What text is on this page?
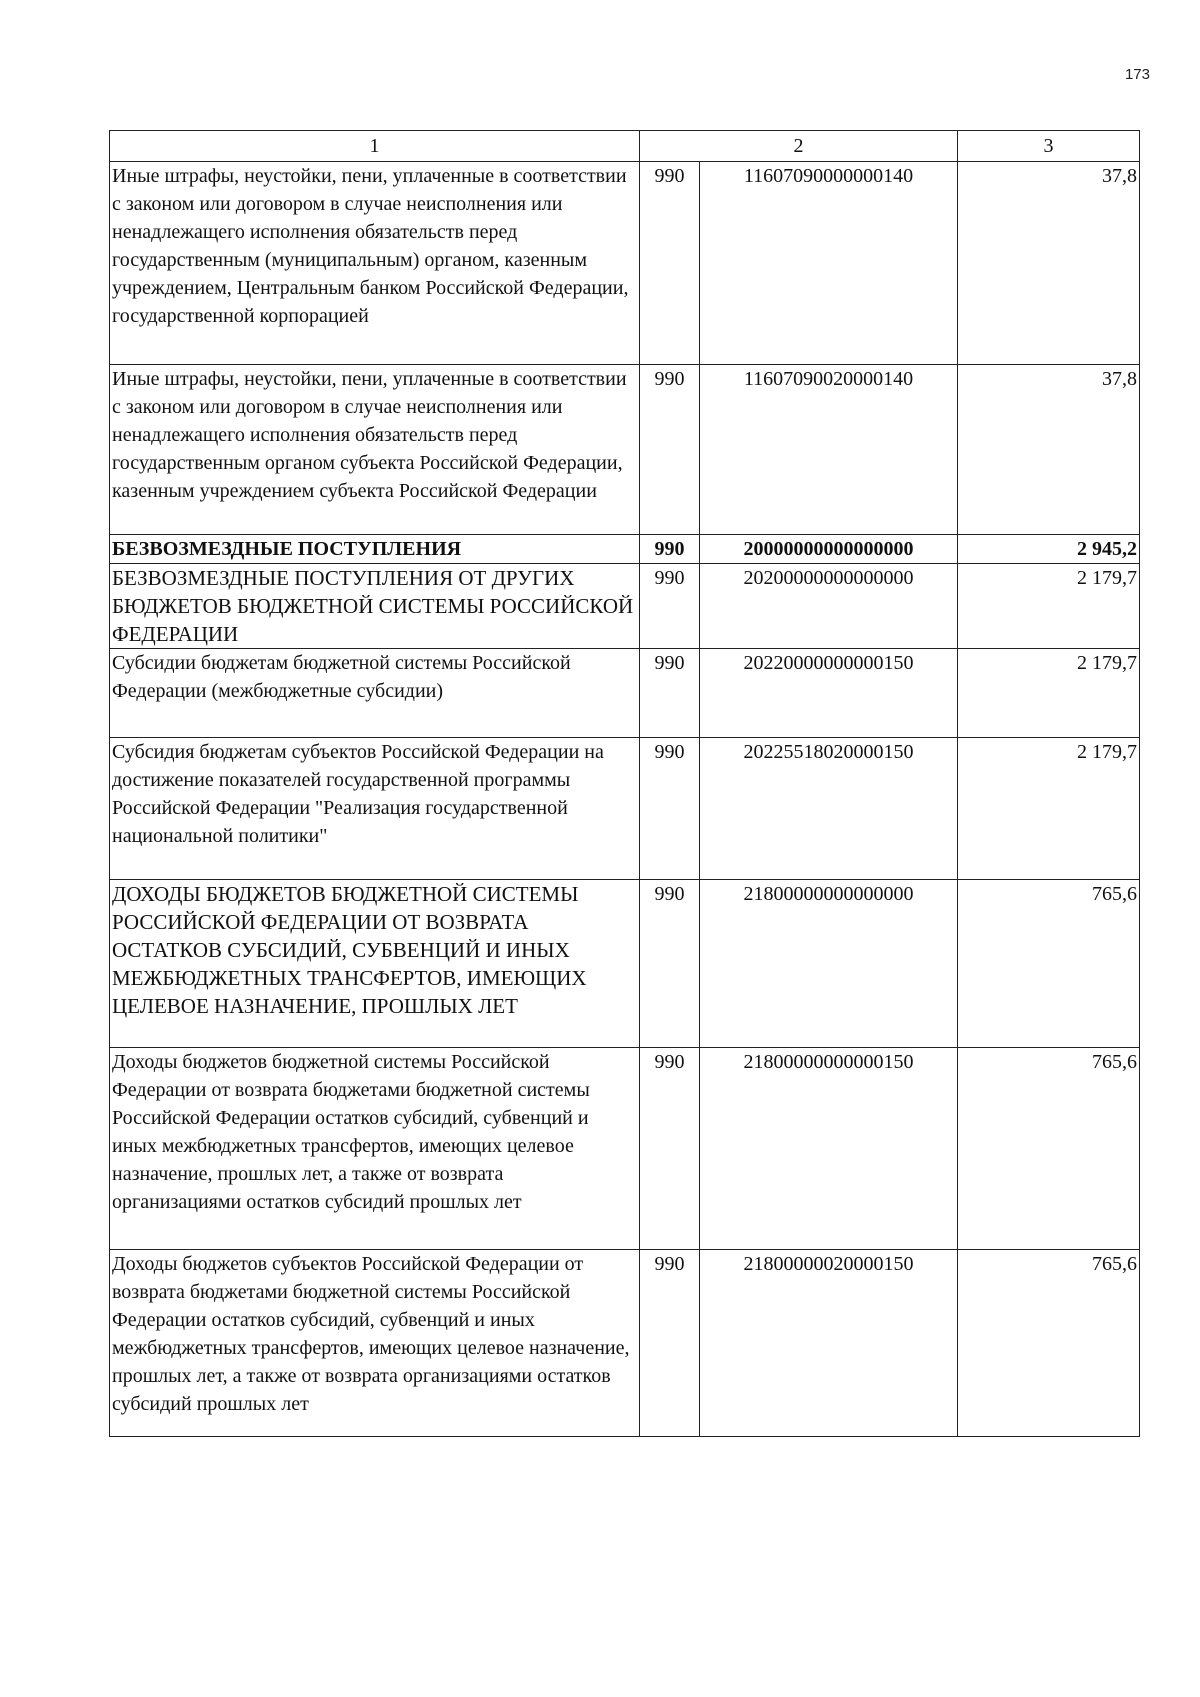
173
1	2		3
Иные штрафы, неустойки, пени, уплаченные в соответствии с законом или договором в случае неисполнения или ненадлежащего исполнения обязательств перед государственным (муниципальным) органом, казенным учреждением, Центральным банком Российской Федерации, государственной корпорацией	990	11607090000000140	37,8
Иные штрафы, неустойки, пени, уплаченные в соответствии с законом или договором в случае неисполнения или ненадлежащего исполнения обязательств перед государственным органом субъекта Российской Федерации, казенным учреждением субъекта Российской Федерации	990	11607090020000140	37,8
БЕЗВОЗМЕЗДНЫЕ ПОСТУПЛЕНИЯ	990	20000000000000000	2 945,2
БЕЗВОЗМЕЗДНЫЕ ПОСТУПЛЕНИЯ ОТ ДРУГИХ БЮДЖЕТОВ БЮДЖЕТНОЙ СИСТЕМЫ РОССИЙСКОЙ ФЕДЕРАЦИИ	990	20200000000000000	2 179,7
Субсидии бюджетам бюджетной системы Российской Федерации (межбюджетные субсидии)	990	20220000000000150	2 179,7
Субсидия бюджетам субъектов Российской Федерации на достижение показателей государственной программы Российской Федерации "Реализация государственной национальной политики"	990	20225518020000150	2 179,7
ДОХОДЫ БЮДЖЕТОВ БЮДЖЕТНОЙ СИСТЕМЫ РОССИЙСКОЙ ФЕДЕРАЦИИ ОТ ВОЗВРАТА ОСТАТКОВ СУБСИДИЙ, СУБВЕНЦИЙ И ИНЫХ МЕЖБЮДЖЕТНЫХ ТРАНСФЕРТОВ, ИМЕЮЩИХ ЦЕЛЕВОЕ НАЗНАЧЕНИЕ, ПРОШЛЫХ ЛЕТ	990	21800000000000000	765,6
Доходы бюджетов бюджетной системы Российской Федерации от возврата бюджетами бюджетной системы Российской Федерации остатков субсидий, субвенций и иных межбюджетных трансфертов, имеющих целевое назначение, прошлых лет, а также от возврата организациями остатков субсидий прошлых лет	990	21800000000000150	765,6
Доходы бюджетов субъектов Российской Федерации от возврата бюджетами бюджетной системы Российской Федерации остатков субсидий, субвенций и иных межбюджетных трансфертов, имеющих целевое назначение, прошлых лет, а также от возврата организациями остатков субсидий прошлых лет	990	21800000020000150	765,6
